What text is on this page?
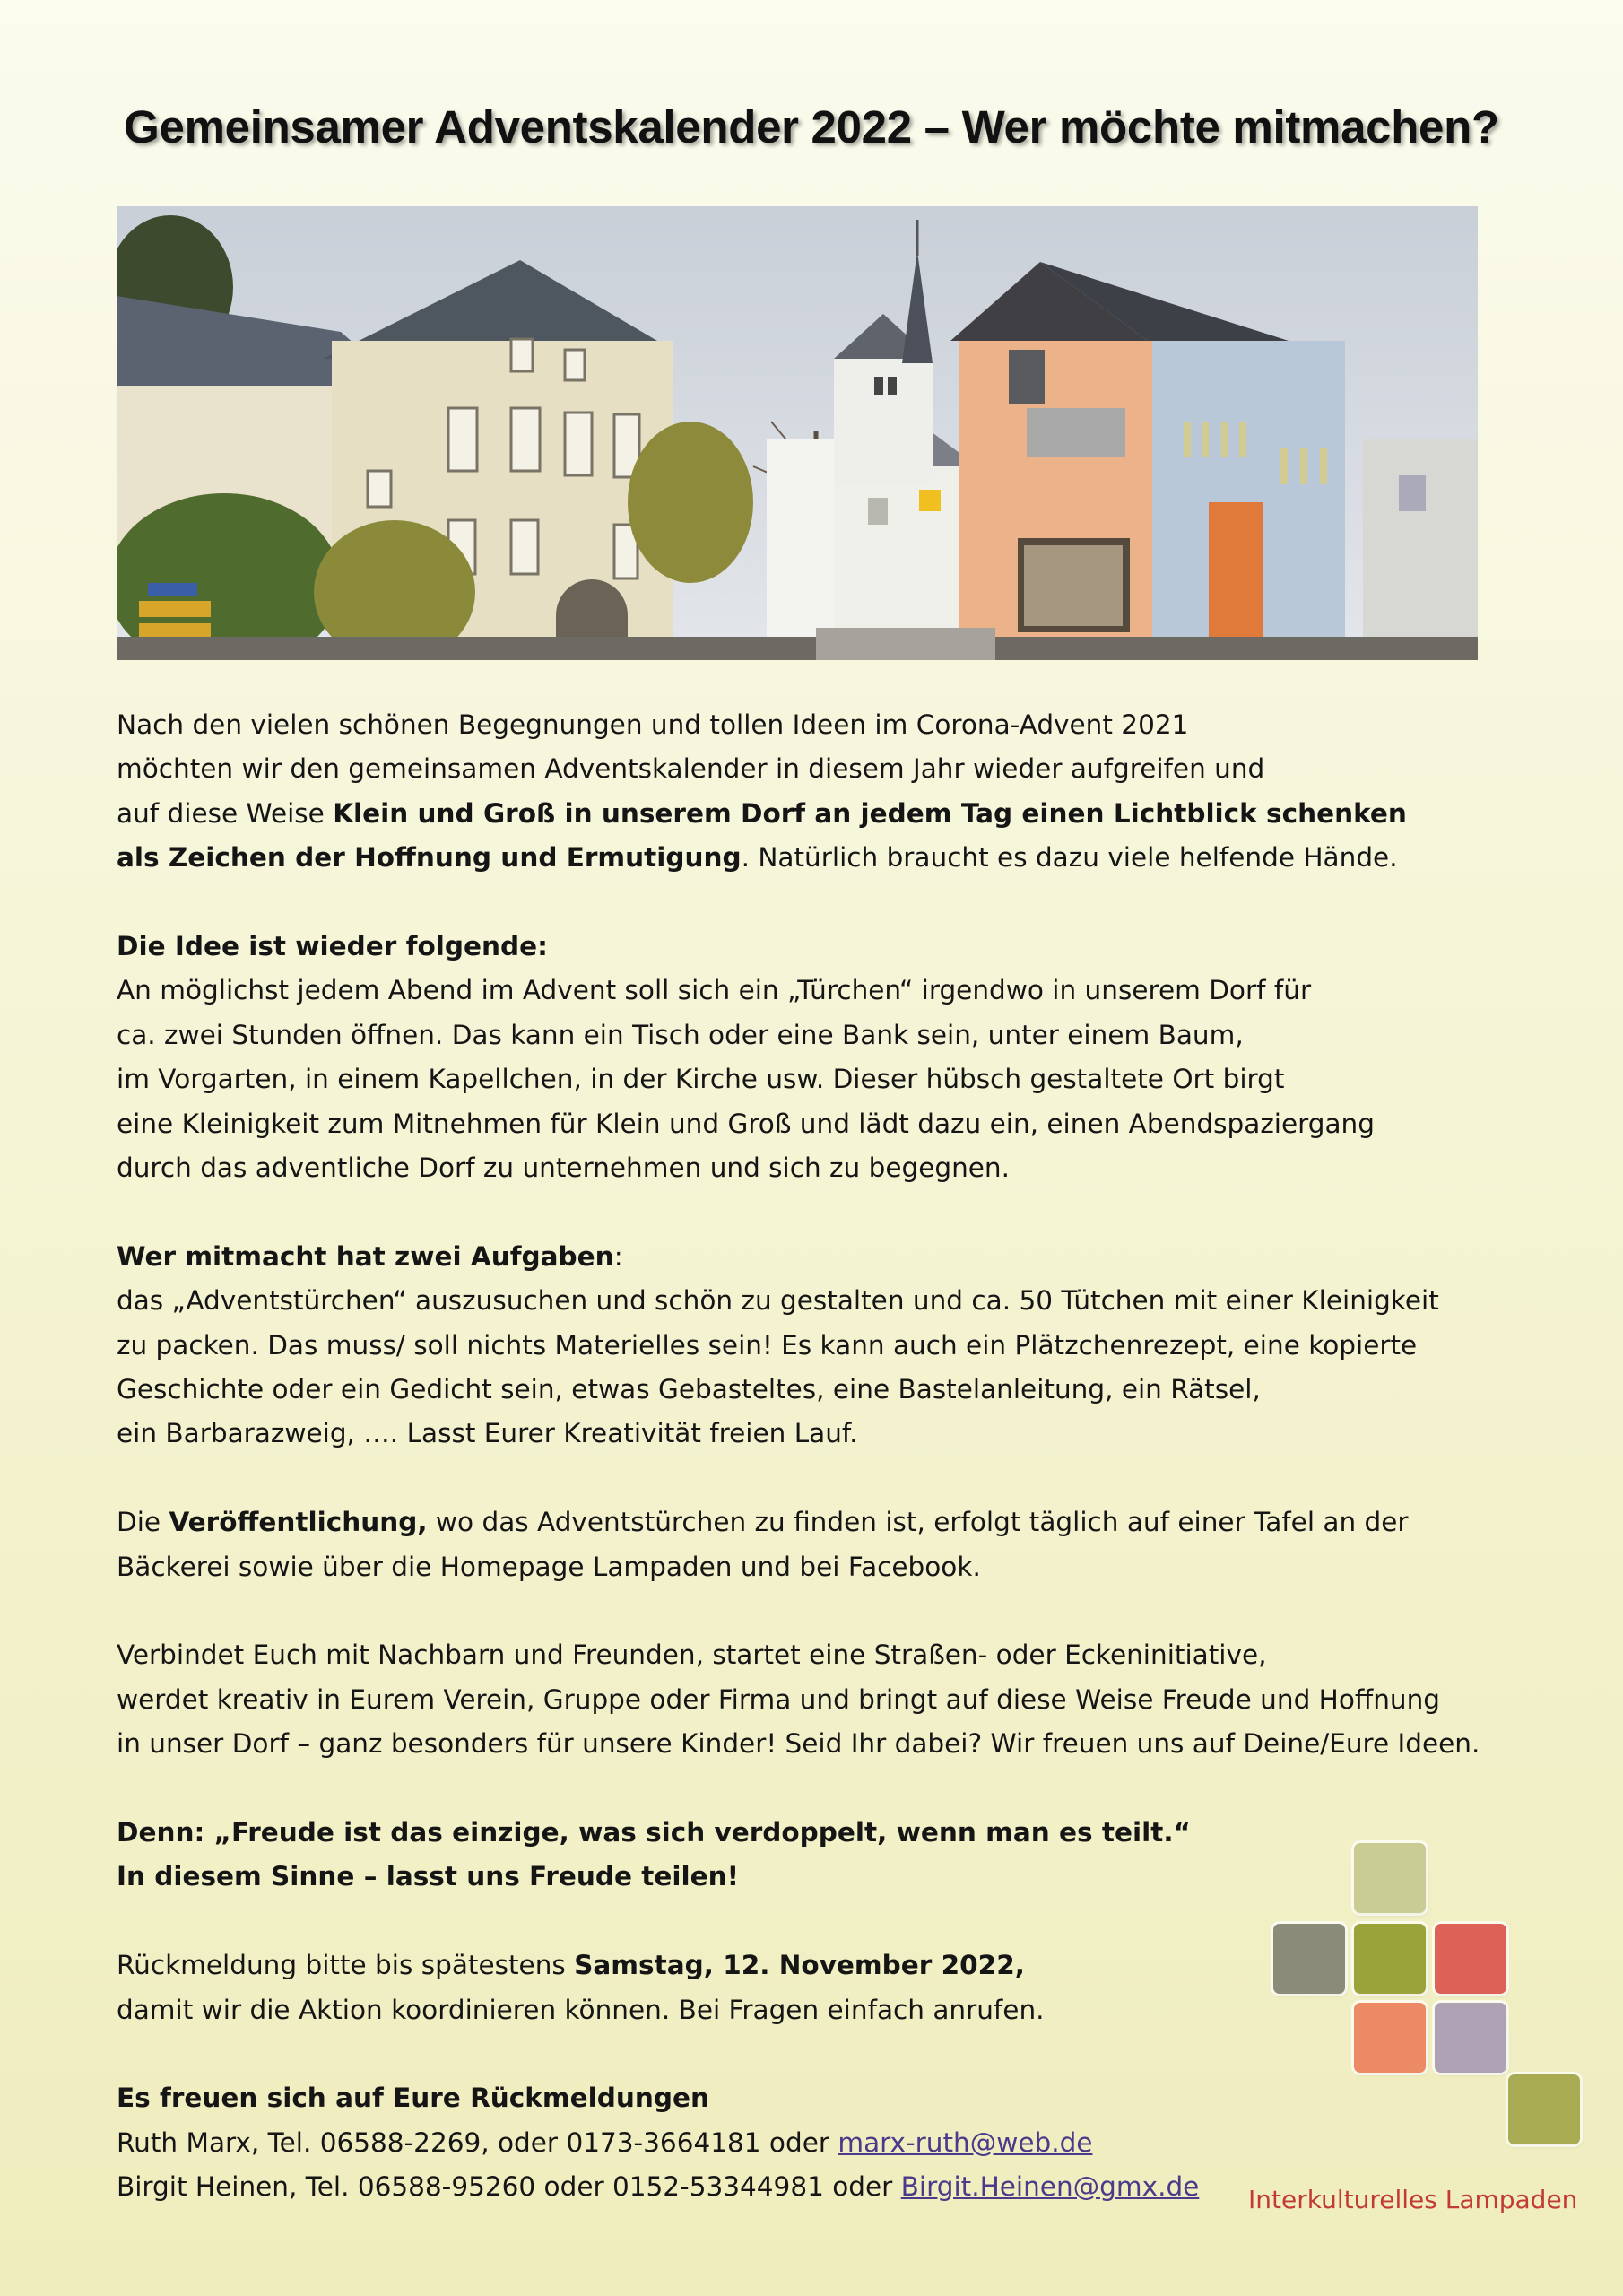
Gemeinsamer Adventskalender 2022 – Wer möchte mitmachen?

Nach den vielen schönen Begegnungen und tollen Ideen im Corona-Advent 2021
möchten wir den gemeinsamen Adventskalender in diesem Jahr wieder aufgreifen und
auf diese Weise Klein und Groß in unserem Dorf an jedem Tag einen Lichtblick schenken
als Zeichen der Hoffnung und Ermutigung. Natürlich braucht es dazu viele helfende Hände.

Die Idee ist wieder folgende:
An möglichst jedem Abend im Advent soll sich ein „Türchen“ irgendwo in unserem Dorf für
ca. zwei Stunden öffnen. Das kann ein Tisch oder eine Bank sein, unter einem Baum,
im Vorgarten, in einem Kapellchen, in der Kirche usw. Dieser hübsch gestaltete Ort birgt
eine Kleinigkeit zum Mitnehmen für Klein und Groß und lädt dazu ein, einen Abendspaziergang
durch das adventliche Dorf zu unternehmen und sich zu begegnen.

Wer mitmacht hat zwei Aufgaben:
das „Adventstürchen“ auszusuchen und schön zu gestalten und ca. 50 Tütchen mit einer Kleinigkeit
zu packen. Das muss/ soll nichts Materielles sein! Es kann auch ein Plätzchenrezept, eine kopierte
Geschichte oder ein Gedicht sein, etwas Gebasteltes, eine Bastelanleitung, ein Rätsel,
ein Barbarazweig, …. Lasst Eurer Kreativität freien Lauf.

Die Veröffentlichung, wo das Adventstürchen zu finden ist, erfolgt täglich auf einer Tafel an der
Bäckerei sowie über die Homepage Lampaden und bei Facebook.

Verbindet Euch mit Nachbarn und Freunden, startet eine Straßen- oder Eckeninitiative,
werdet kreativ in Eurem Verein, Gruppe oder Firma und bringt auf diese Weise Freude und Hoffnung
in unser Dorf – ganz besonders für unsere Kinder! Seid Ihr dabei? Wir freuen uns auf Deine/Eure Ideen.

Denn: „Freude ist das einzige, was sich verdoppelt, wenn man es teilt.“
In diesem Sinne – lasst uns Freude teilen!

Rückmeldung bitte bis spätestens Samstag, 12. November 2022,
damit wir die Aktion koordinieren können. Bei Fragen einfach anrufen.

Es freuen sich auf Eure Rückmeldungen
Ruth Marx, Tel. 06588-2269, oder 0173-3664181 oder marx-ruth@web.de
Birgit Heinen, Tel. 06588-95260 oder 0152-53344981 oder Birgit.Heinen@gmx.de	Interkulturelles Lampaden
